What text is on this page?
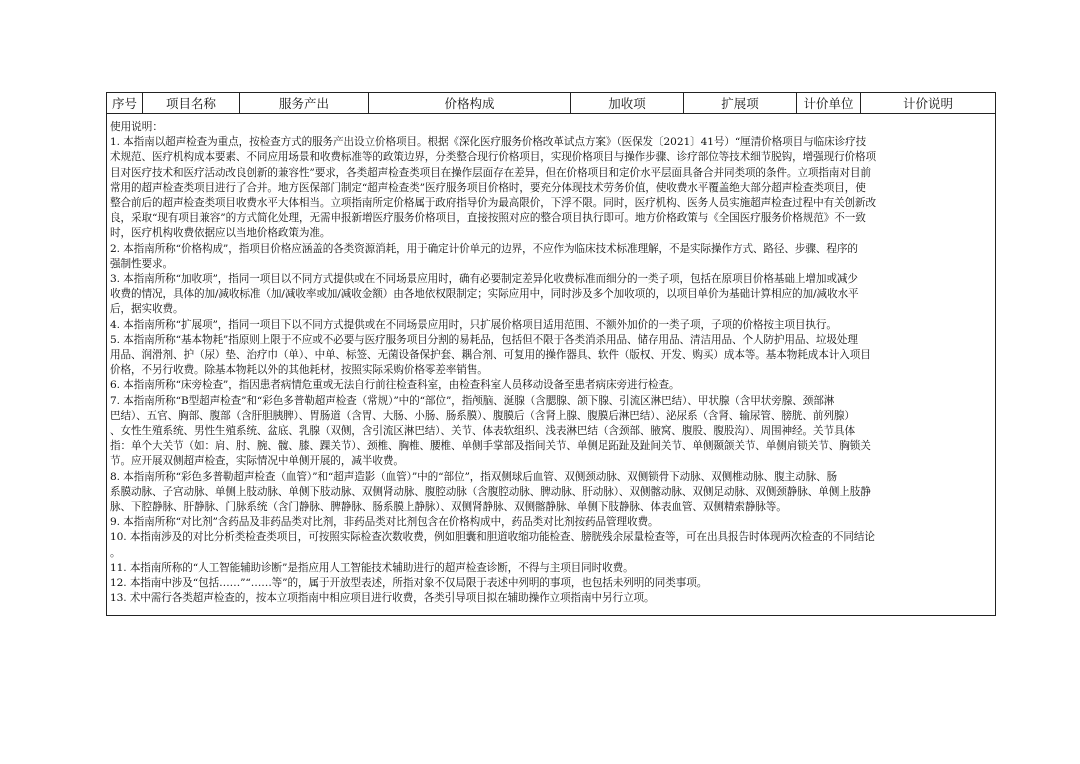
序号	项目名称	服务产出	价格构成	加收项	扩展项	计价单位	计价说明

使用说明：
1. 本指南以超声检查为重点，按检查方式的服务产出设立价格项目。根据《深化医疗服务价格改革试点方案》（医保发〔2021〕41号）“厘清价格项目与临床诊疗技
术规范、医疗机构成本要素、不同应用场景和收费标准等的政策边界，分类整合现行价格项目，实现价格项目与操作步骤、诊疗部位等技术细节脱钩，增强现行价格项
目对医疗技术和医疗活动改良创新的兼容性”要求，各类超声检查类项目在操作层面存在差异，但在价格项目和定价水平层面具备合并同类项的条件。立项指南对目前
常用的超声检查类项目进行了合并。地方医保部门制定“超声检查类”医疗服务项目价格时，要充分体现技术劳务价值，使收费水平覆盖绝大部分超声检查类项目，使
整合前后的超声检查类项目收费水平大体相当。立项指南所定价格属于政府指导价为最高限价，下浮不限。同时，医疗机构、医务人员实施超声检查过程中有关创新改
良，采取“现有项目兼容”的方式简化处理，无需申报新增医疗服务价格项目，直接按照对应的整合项目执行即可。地方价格政策与《全国医疗服务价格规范》不一致
时，医疗机构收费依据应以当地价格政策为准。
2. 本指南所称“价格构成”，指项目价格应涵盖的各类资源消耗，用于确定计价单元的边界，不应作为临床技术标准理解，不是实际操作方式、路径、步骤、程序的
强制性要求。
3. 本指南所称“加收项”，指同一项目以不同方式提供或在不同场景应用时，确有必要制定差异化收费标准而细分的一类子项，包括在原项目价格基础上增加或减少
收费的情况，具体的加/减收标准（加/减收率或加/减收金额）由各地依权限制定；实际应用中，同时涉及多个加收项的，以项目单价为基础计算相应的加/减收水平
后，据实收费。
4. 本指南所称“扩展项”，指同一项目下以不同方式提供或在不同场景应用时，只扩展价格项目适用范围、不额外加价的一类子项，子项的价格按主项目执行。
5. 本指南所称“基本物耗”指原则上限于不应或不必要与医疗服务项目分割的易耗品，包括但不限于各类消杀用品、储存用品、清洁用品、个人防护用品、垃圾处理
用品、润滑剂、护（尿）垫、治疗巾（单）、中单、标签、无菌设备保护套、耦合剂、可复用的操作器具、软件（版权、开发、购买）成本等。基本物耗成本计入项目
价格，不另行收费。除基本物耗以外的其他耗材，按照实际采购价格零差率销售。
6. 本指南所称“床旁检查”，指因患者病情危重或无法自行前往检查科室，由检查科室人员移动设备至患者病床旁进行检查。
7. 本指南所称“B型超声检查”和“彩色多普勒超声检查（常规）”中的“部位”，指颅脑、涎腺（含腮腺、颌下腺、引流区淋巴结）、甲状腺（含甲状旁腺、颈部淋
巴结）、五官、胸部、腹部（含肝胆胰脾）、胃肠道（含胃、大肠、小肠、肠系膜）、腹膜后（含肾上腺、腹膜后淋巴结）、泌尿系（含肾、输尿管、膀胱、前列腺）
、女性生殖系统、男性生殖系统、盆底、乳腺（双侧，含引流区淋巴结）、关节、体表软组织、浅表淋巴结（含颈部、腋窝、腹股、腹股沟）、周围神经。关节具体
指：单个大关节（如：肩、肘、腕、髋、膝、踝关节）、颈椎、胸椎、腰椎、单侧手掌部及指间关节、单侧足跖趾及趾间关节、单侧颞颌关节、单侧肩锁关节、胸锁关
节。应开展双侧超声检查，实际情况中单侧开展的，减半收费。
8. 本指南所称“彩色多普勒超声检查（血管）”和“超声造影（血管）”中的“部位”，指双侧球后血管、双侧颈动脉、双侧锁骨下动脉、双侧椎动脉、腹主动脉、肠
系膜动脉、子宫动脉、单侧上肢动脉、单侧下肢动脉、双侧肾动脉、腹腔动脉（含腹腔动脉、脾动脉、肝动脉）、双侧髂动脉、双侧足动脉、双侧颈静脉、单侧上肢静
脉、下腔静脉、肝静脉、门脉系统（含门静脉、脾静脉、肠系膜上静脉）、双侧肾静脉、双侧髂静脉、单侧下肢静脉、体表血管、双侧精索静脉等。
9. 本指南所称“对比剂”含药品及非药品类对比剂，非药品类对比剂包含在价格构成中，药品类对比剂按药品管理收费。
10. 本指南涉及的对比分析类检查类项目，可按照实际检查次数收费，例如胆囊和胆道收缩功能检查、膀胱残余尿量检查等，可在出具报告时体现两次检查的不同结论
。
11. 本指南所称的“人工智能辅助诊断”是指应用人工智能技术辅助进行的超声检查诊断，不得与主项目同时收费。
12. 本指南中涉及“包括……”“……等”的，属于开放型表述，所指对象不仅局限于表述中列明的事项，也包括未列明的同类事项。
13. 术中需行各类超声检查的，按本立项指南中相应项目进行收费，各类引导项目拟在辅助操作立项指南中另行立项。
